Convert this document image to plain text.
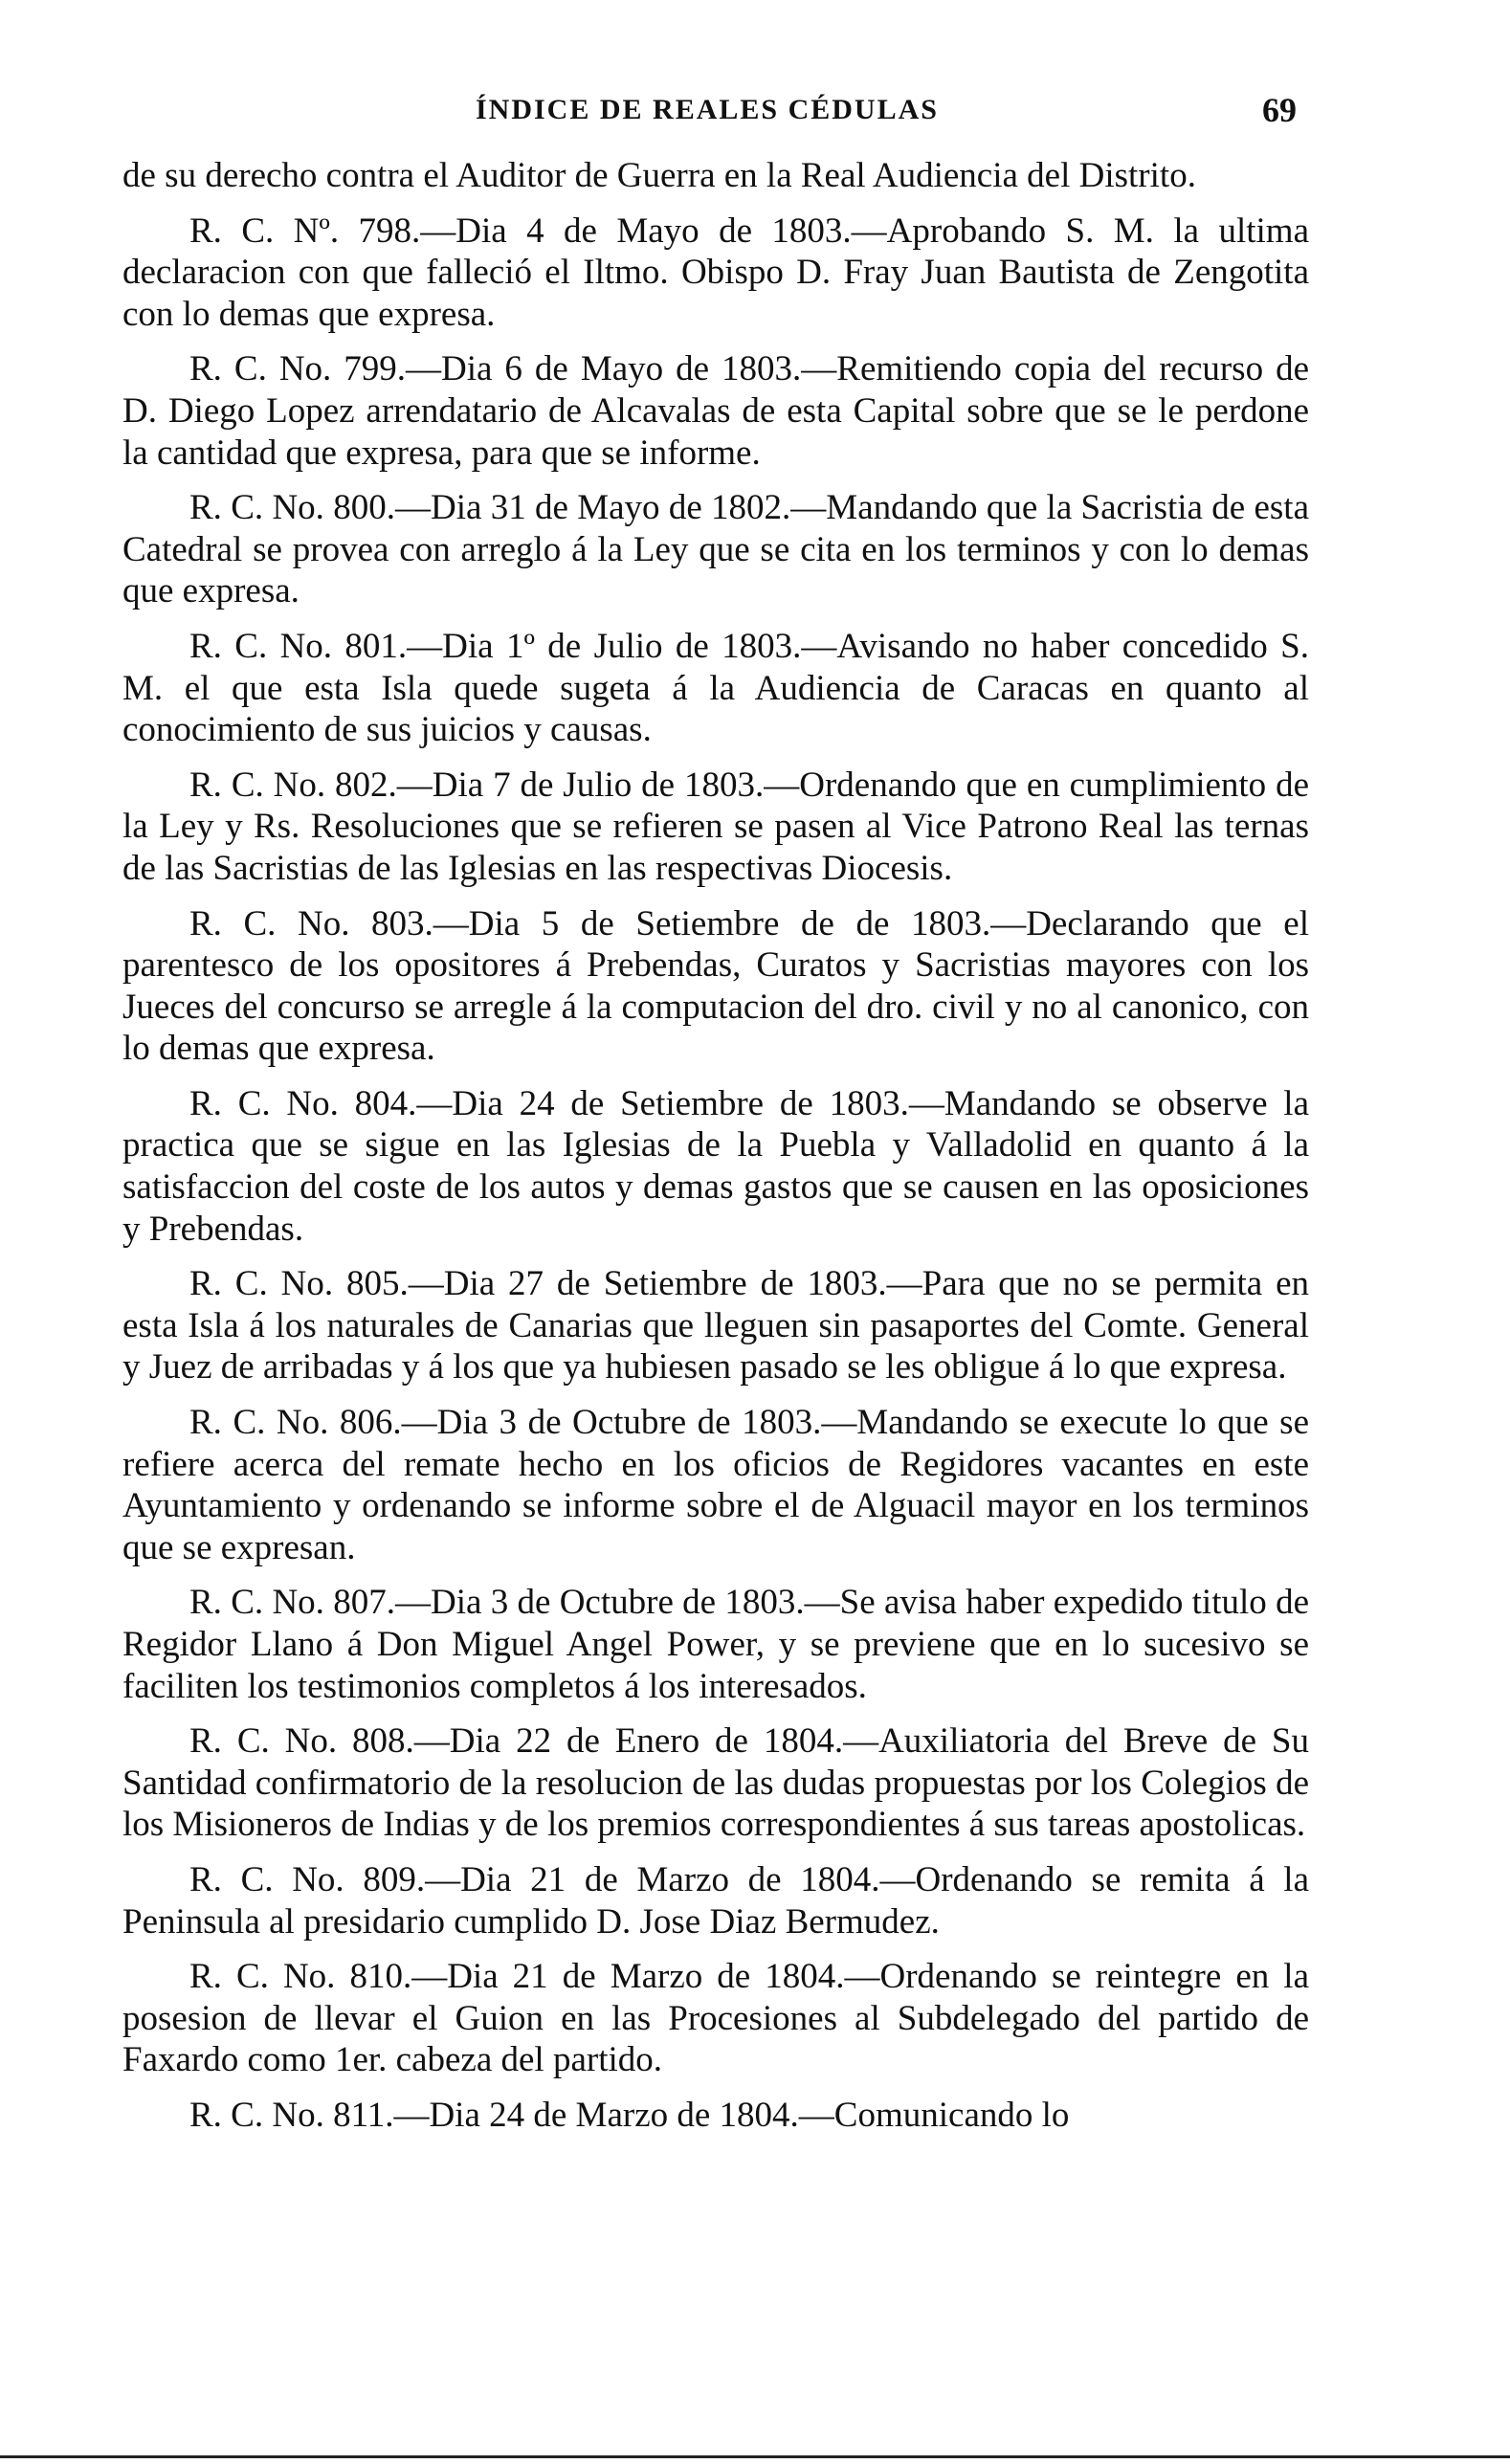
ÍNDICE DE REALES CÉDULAS	69

de su derecho contra el Auditor de Guerra en la Real Audiencia del Distrito.

R. C. Nº. 798.—Dia 4 de Mayo de 1803.—Aprobando S. M. la ultima declaracion con que falleció el Iltmo. Obispo D. Fray Juan Bautista de Zengotita con lo demas que expresa.

R. C. No. 799.—Dia 6 de Mayo de 1803.—Remitiendo copia del recurso de D. Diego Lopez arrendatario de Alcavalas de esta Capital sobre que se le perdone la cantidad que expresa, para que se informe.

R. C. No. 800.—Dia 31 de Mayo de 1802.—Mandando que la Sacristia de esta Catedral se provea con arreglo á la Ley que se cita en los terminos y con lo demas que expresa.

R. C. No. 801.—Dia 1º de Julio de 1803.—Avisando no haber concedido S. M. el que esta Isla quede sugeta á la Audiencia de Caracas en quanto al conocimiento de sus juicios y causas.

R. C. No. 802.—Dia 7 de Julio de 1803.—Ordenando que en cumplimiento de la Ley y Rs. Resoluciones que se refieren se pasen al Vice Patrono Real las ternas de las Sacristias de las Iglesias en las respectivas Diocesis.

R. C. No. 803.—Dia 5 de Setiembre de de 1803.—Declarando que el parentesco de los opositores á Prebendas, Curatos y Sacristias mayores con los Jueces del concurso se arregle á la computacion del dro. civil y no al canonico, con lo demas que expresa.

R. C. No. 804.—Dia 24 de Setiembre de 1803.—Mandando se observe la practica que se sigue en las Iglesias de la Puebla y Valladolid en quanto á la satisfaccion del coste de los autos y demas gastos que se causen en las oposiciones y Prebendas.

R. C. No. 805.—Dia 27 de Setiembre de 1803.—Para que no se permita en esta Isla á los naturales de Canarias que lleguen sin pasaportes del Comte. General y Juez de arribadas y á los que ya hubiesen pasado se les obligue á lo que expresa.

R. C. No. 806.—Dia 3 de Octubre de 1803.—Mandando se execute lo que se refiere acerca del remate hecho en los oficios de Regidores vacantes en este Ayuntamiento y ordenando se informe sobre el de Alguacil mayor en los terminos que se expresan.

R. C. No. 807.—Dia 3 de Octubre de 1803.—Se avisa haber expedido titulo de Regidor Llano á Don Miguel Angel Power, y se previene que en lo sucesivo se faciliten los testimonios completos á los interesados.

R. C. No. 808.—Dia 22 de Enero de 1804.—Auxiliatoria del Breve de Su Santidad confirmatorio de la resolucion de las dudas propuestas por los Colegios de los Misioneros de Indias y de los premios correspondientes á sus tareas apostolicas.

R. C. No. 809.—Dia 21 de Marzo de 1804.—Ordenando se remita á la Peninsula al presidario cumplido D. Jose Diaz Bermudez.

R. C. No. 810.—Dia 21 de Marzo de 1804.—Ordenando se reintegre en la posesion de llevar el Guion en las Procesiones al Subdelegado del partido de Faxardo como 1er. cabeza del partido.

R. C. No. 811.—Dia 24 de Marzo de 1804.—Comunicando lo
